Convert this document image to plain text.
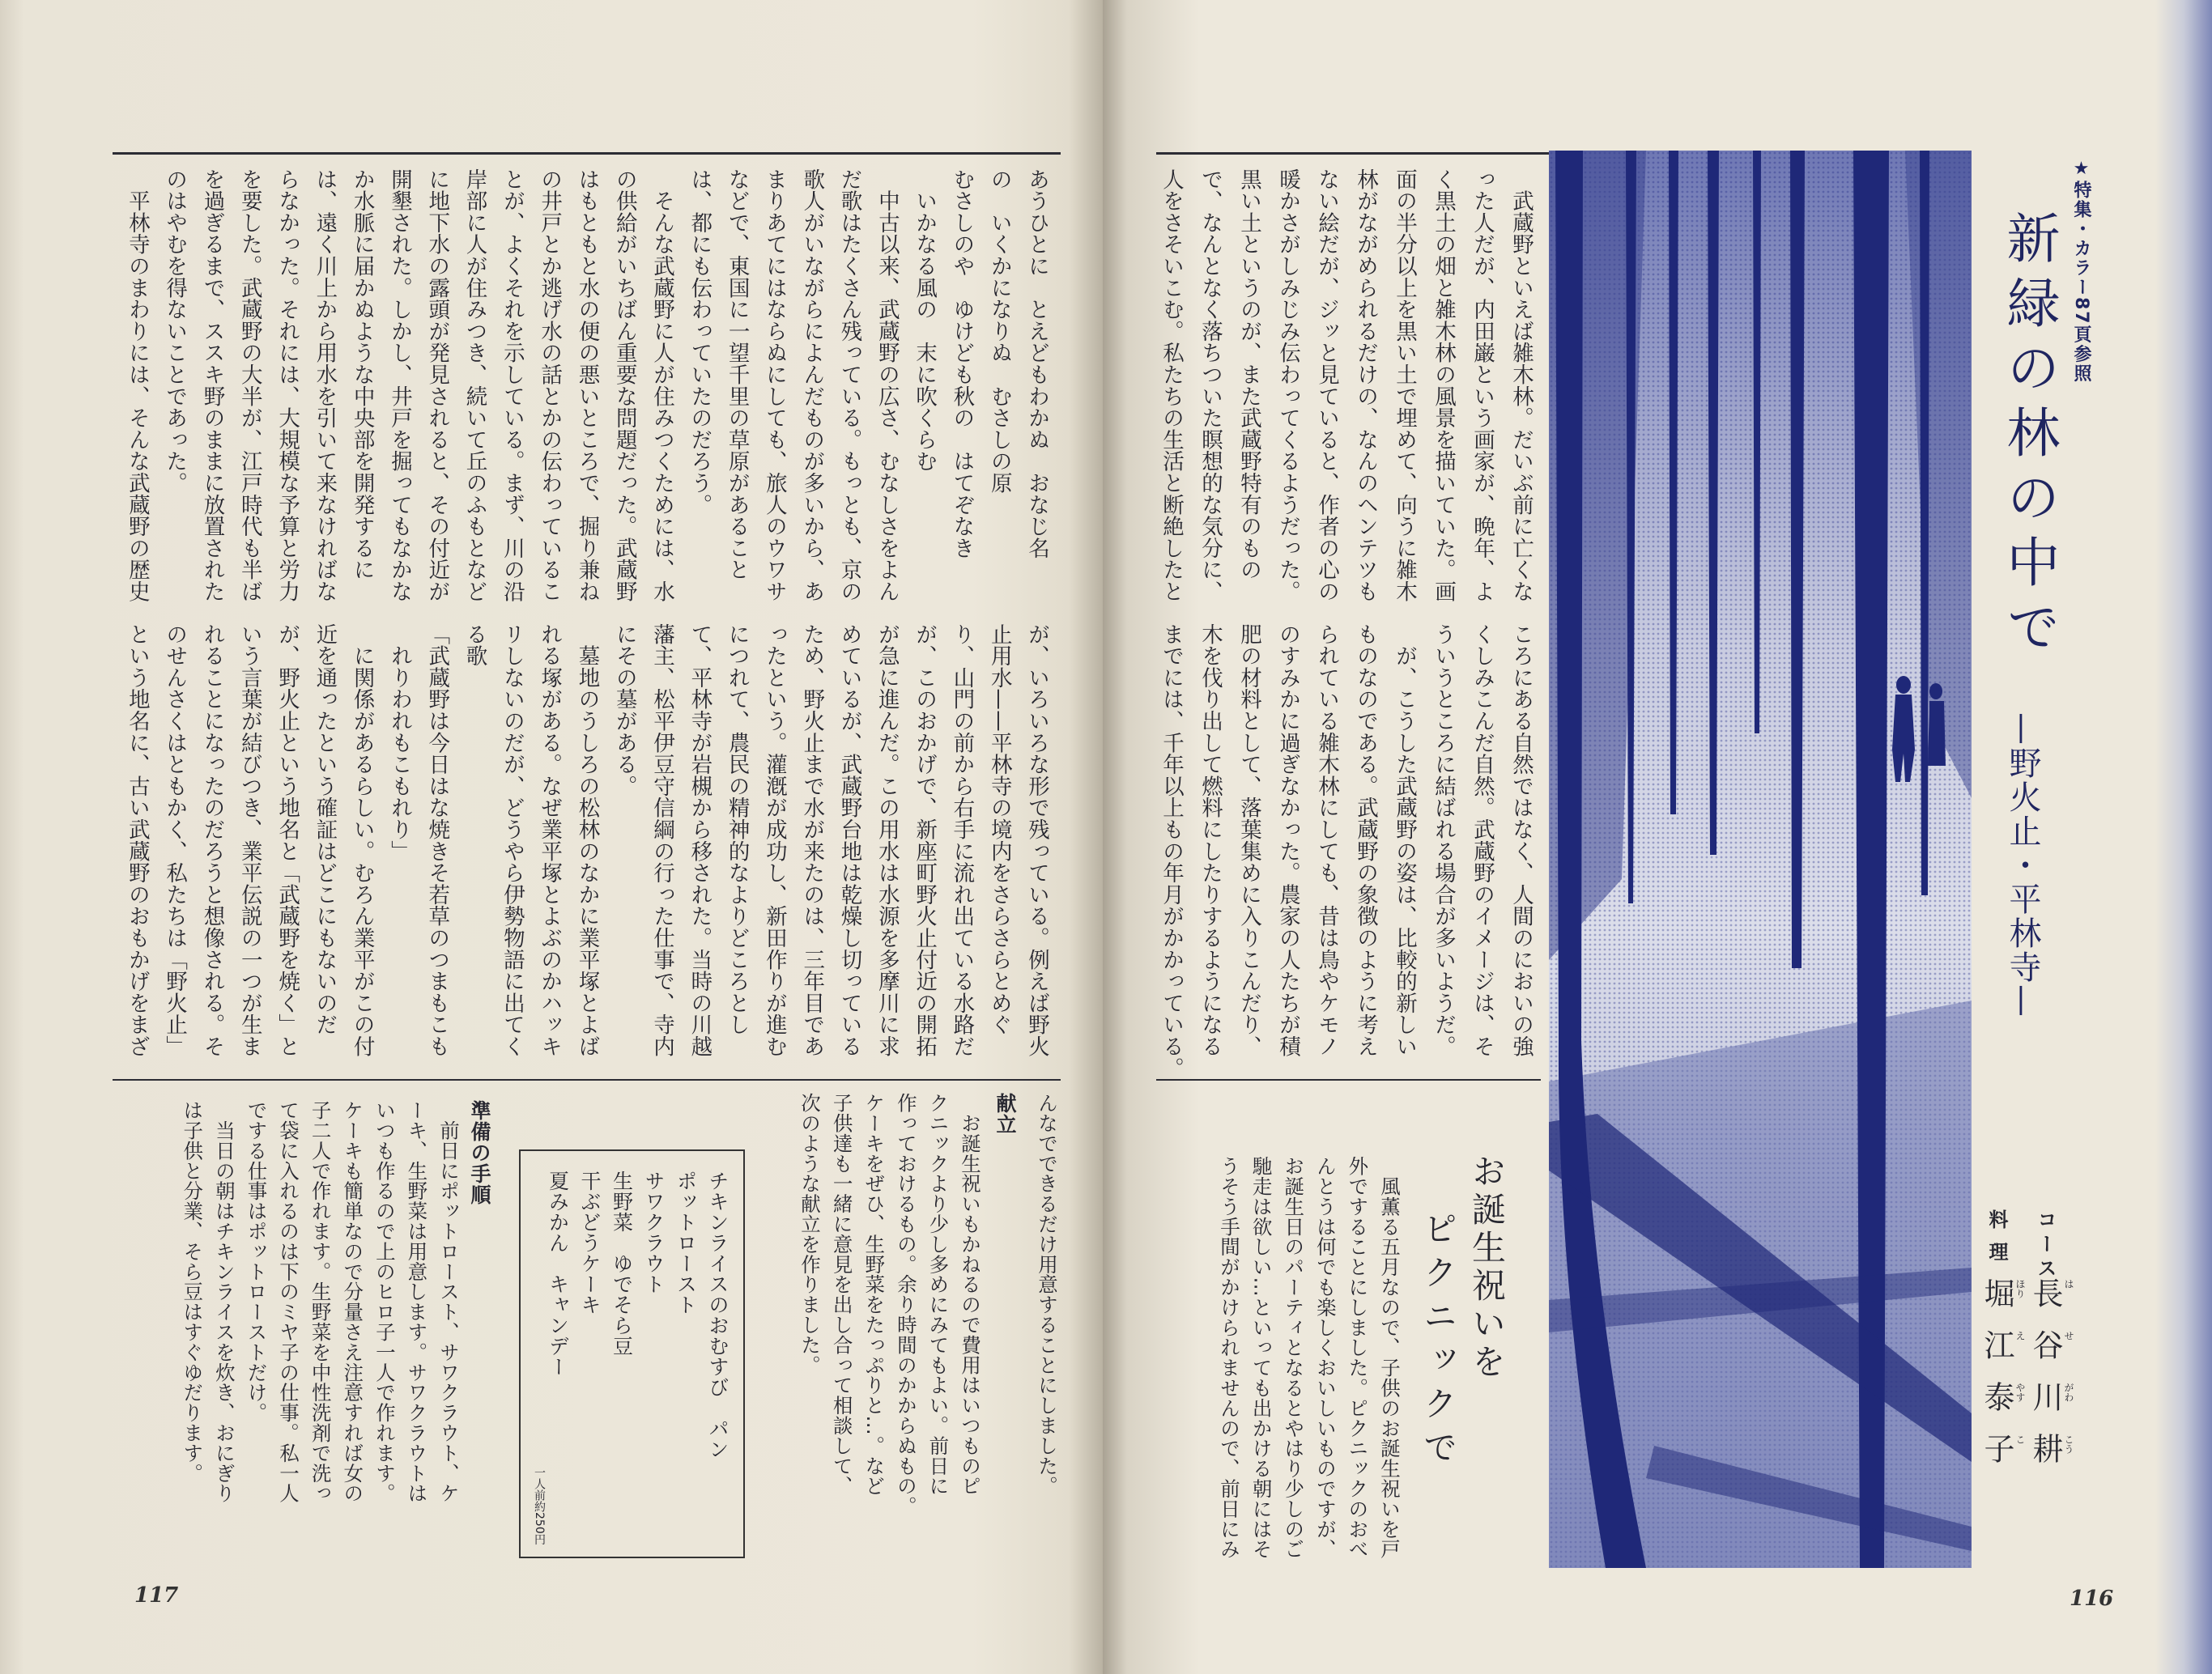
　武蔵野といえば雑木林。だいぶ前に亡くな
った人だが、内田巌という画家が、晩年、よ
く黒土の畑と雑木林の風景を描いていた。画
面の半分以上を黒い土で埋めて、向うに雑木
林がながめられるだけの、なんのヘンテツも
ない絵だが、ジッと見ていると、作者の心の
暖かさがしみじみ伝わってくるようだった。
黒い土というのが、また武蔵野特有のもの
で、なんとなく落ちついた瞑想的な気分に、
人をさそいこむ。私たちの生活と断絶したと
ころにある自然ではなく、人間のにおいの強
くしみこんだ自然。武蔵野のイメージは、そ
ういうところに結ばれる場合が多いようだ。
　が、こうした武蔵野の姿は、比較的新しい
ものなのである。武蔵野の象徴のように考え
られている雑木林にしても、昔は鳥やケモノ
のすみかに過ぎなかった。農家の人たちが積
肥の材料として、落葉集めに入りこんだり、
木を伐り出して燃料にしたりするようになる
までには、千年以上もの年月がかかっている。
あうひとに　とえどもわかぬ　おなじ名
の　いくかになりぬ　むさしの原
むさしのや　ゆけども秋の　はてぞなき
　いかなる風の　末に吹くらむ
　中古以来、武蔵野の広さ、むなしさをよん
だ歌はたくさん残っている。もっとも、京の
歌人がいながらによんだものが多いから、あ
まりあてにはならぬにしても、旅人のウワサ
などで、東国に一望千里の草原があること
は、都にも伝わっていたのだろう。
　そんな武蔵野に人が住みつくためには、水
の供給がいちばん重要な問題だった。武蔵野
はもともと水の便の悪いところで、掘り兼ね
の井戸とか逃げ水の話とかの伝わっているこ
とが、よくそれを示している。まず、川の沿
岸部に人が住みつき、続いて丘のふもとなど
に地下水の露頭が発見されると、その付近が
開墾された。しかし、井戸を掘ってもなかな
か水脈に届かぬような中央部を開発するに
は、遠く川上から用水を引いて来なければな
らなかった。それには、大規模な予算と労力
を要した。武蔵野の大半が、江戸時代も半ば
を過ぎるまで、ススキ野のままに放置された
のはやむを得ないことであった。
　平林寺のまわりには、そんな武蔵野の歴史
が、いろいろな形で残っている。例えば野火
止用水——平林寺の境内をさらさらとめぐ
り、山門の前から右手に流れ出ている水路だ
が、このおかげで、新座町野火止付近の開拓
が急に進んだ。この用水は水源を多摩川に求
めているが、武蔵野台地は乾燥し切っている
ため、野火止まで水が来たのは、三年目であ
ったという。灌漑が成功し、新田作りが進む
につれて、農民の精神的なよりどころとし
て、平林寺が岩槻から移された。当時の川越
藩主、松平伊豆守信綱の行った仕事で、寺内
にその墓がある。
　墓地のうしろの松林のなかに業平塚とよば
れる塚がある。なぜ業平塚とよぶのかハッキ
リしないのだが、どうやら伊勢物語に出てく
る歌
「武蔵野は今日はな焼きそ若草のつまもこも
　れりわれもこもれり」
　に関係があるらしい。むろん業平がこの付
近を通ったという確証はどこにもないのだ
が、野火止という地名と「武蔵野を焼く」と
いう言葉が結びつき、業平伝説の一つが生ま
れることになったのだろうと想像される。そ
のせんさくはともかく、私たちは「野火止」
という地名に、古い武蔵野のおもかげをまざ
★特集・カラー87頁参照
新緑の林の中で
—野火止・平林寺—
コース
長谷川耕 はせがわこう
料理
堀江泰子 ほりえやすこ
お誕生祝いを
ピクニックで
　風薫る五月なので、子供のお誕生祝いを戸
外ですることにしました。ピクニックのおべ
んとうは何でも楽しくおいしいものですが、
お誕生日のパーティとなるとやはり少しのご
馳走は欲しい…といっても出かける朝にはそ
うそう手間がかけられませんので、前日にみ
んなでできるだけ用意することにしました。
献立
　お誕生祝いもかねるので費用はいつものピ
クニックより少し多めにみてもよい。前日に
作っておけるもの。余り時間のかからぬもの。
ケーキをぜひ、生野菜をたっぷりと…。など
子供達も一緒に意見を出し合って相談して、
次のような献立を作りました。
チキンライスのおむすび　パン
ポットロースト
サワクラウト
生野菜　ゆでそら豆
干ぶどうケーキ
夏みかん　キャンデー
一人前約250円
準備の手順
　前日にポットロースト、サワクラウト、ケ
ーキ、生野菜は用意します。サワクラウトは
いつも作るので上のヒロ子一人で作れます。
ケーキも簡単なので分量さえ注意すれば女の
子二人で作れます。生野菜を中性洗剤で洗っ
て袋に入れるのは下のミヤ子の仕事。私一人
でする仕事はポットローストだけ。
　当日の朝はチキンライスを炊き、おにぎり
は子供と分業、そら豆はすぐゆだります。
117	116
